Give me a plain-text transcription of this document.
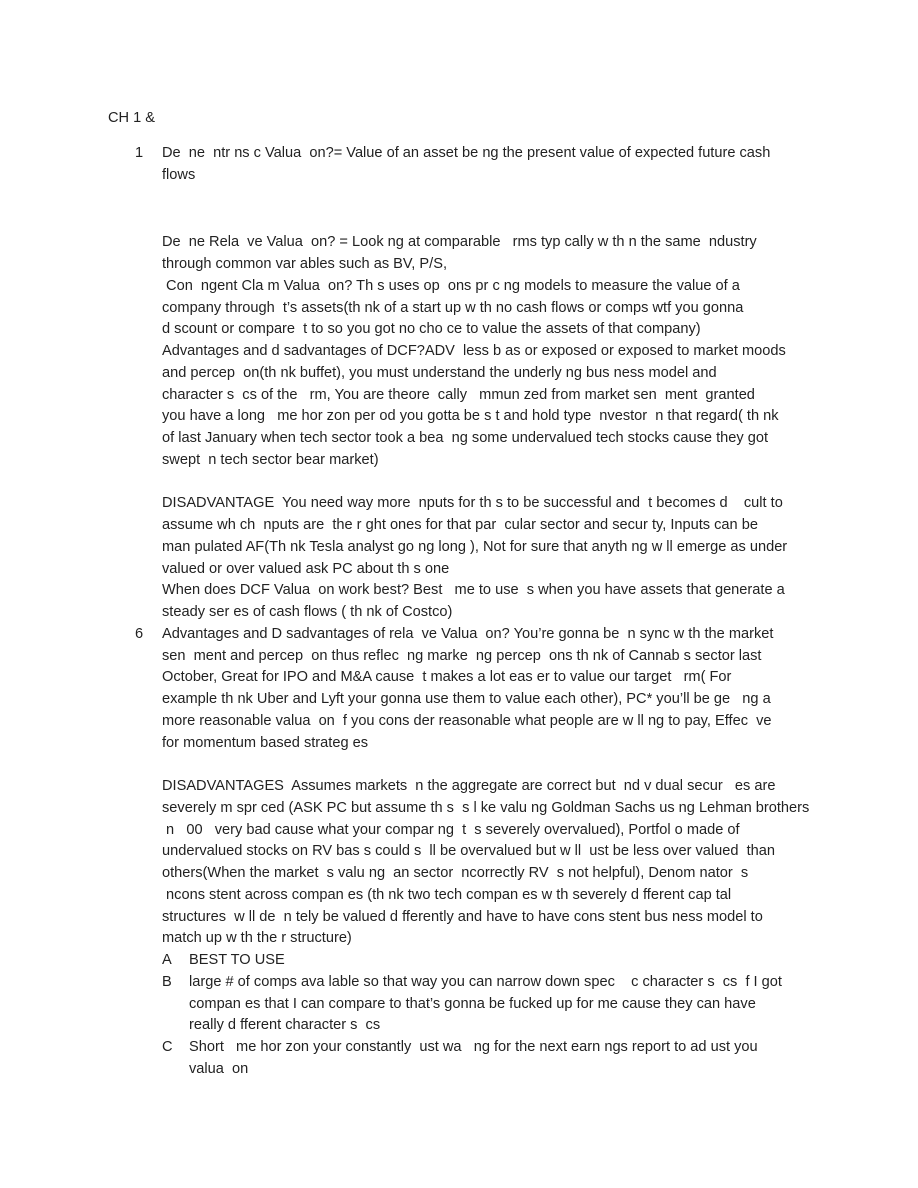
CH 1 &
1 De  ne  ntr ns c Valua  on?= Value of an asset be ng the present value of expected future cash
flows
De  ne Rela  ve Valua  on? = Look ng at comparable   rms typ cally w th n the same  ndustry
through common var ables such as BV, P/S,
Con  ngent Cla m Valua  on? Th s uses op  ons pr c ng models to measure the value of a
company through  t’s assets(th nk of a start up w th no cash flows or comps wtf you gonna
d scount or compare  t to so you got no cho ce to value the assets of that company)
Advantages and d sadvantages of DCF?ADV  less b as or exposed or exposed to market moods
and percep  on(th nk buffet), you must understand the underly ng bus ness model and
character s  cs of the   rm, You are theore  cally   mmun zed from market sen  ment  granted
you have a long   me hor zon per od you gotta be s t and hold type  nvestor  n that regard( th nk
of last January when tech sector took a bea  ng some undervalued tech stocks cause they got
swept  n tech sector bear market)
DISADVANTAGE  You need way more  nputs for th s to be successful and  t becomes d    cult to
assume wh ch  nputs are  the r ght ones for that par  cular sector and secur ty, Inputs can be
man pulated AF(Th nk Tesla analyst go ng long ), Not for sure that anyth ng w ll emerge as under
valued or over valued ask PC about th s one
When does DCF Valua  on work best? Best   me to use  s when you have assets that generate a
steady ser es of cash flows ( th nk of Costco)
6 Advantages and D sadvantages of rela  ve Valua  on? You’re gonna be  n sync w th the market
sen  ment and percep  on thus reflec  ng marke  ng percep  ons th nk of Cannab s sector last
October, Great for IPO and M&A cause  t makes a lot eas er to value our target   rm( For
example th nk Uber and Lyft your gonna use them to value each other), PC* you’ll be ge   ng a
more reasonable valua  on  f you cons der reasonable what people are w ll ng to pay, Effec  ve
for momentum based strateg es
DISADVANTAGES  Assumes markets  n the aggregate are correct but  nd v dual secur   es are
severely m spr ced (ASK PC but assume th s  s l ke valu ng Goldman Sachs us ng Lehman brothers
n   00   very bad cause what your compar ng  t  s severely overvalued), Portfol o made of
undervalued stocks on RV bas s could s  ll be overvalued but w ll  ust be less over valued  than
others(When the market  s valu ng  an sector  ncorrectly RV  s not helpful), Denom nator  s
ncons stent across compan es (th nk two tech compan es w th severely d fferent cap tal
structures  w ll de  n tely be valued d fferently and have to have cons stent bus ness model to
match up w th the r structure)
A BEST TO USE
B large # of comps ava lable so that way you can narrow down spec    c character s  cs  f I got
compan es that I can compare to that’s gonna be fucked up for me cause they can have
really d fferent character s  cs
C Short   me hor zon your constantly  ust wa   ng for the next earn ngs report to ad ust you
valua  on
